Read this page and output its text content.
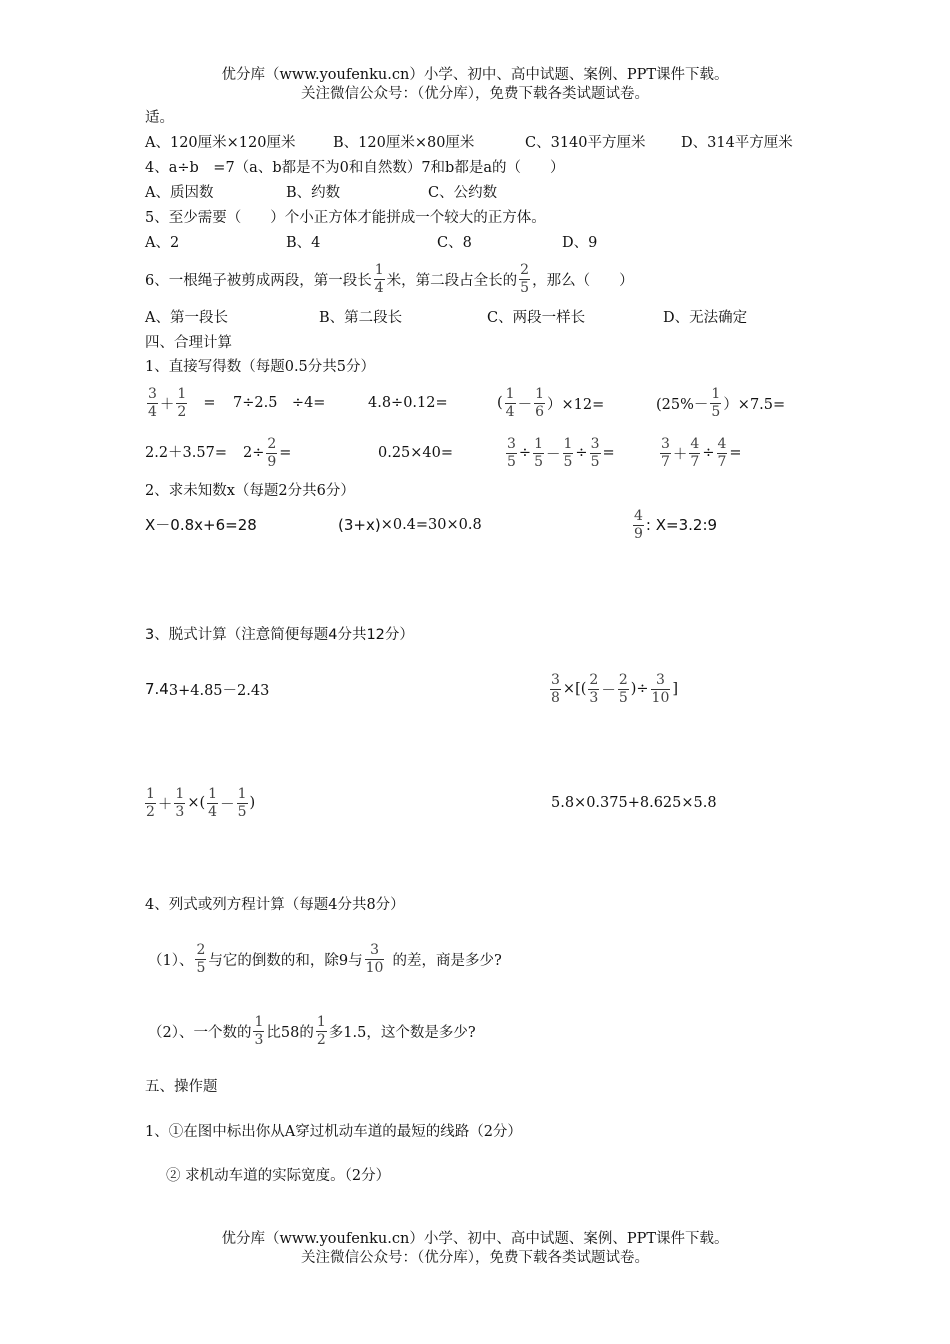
优分库（www.youfenku.cn）小学、初中、高中试题、案例、PPT课件下载。
关注微信公众号：（优分库），免费下载各类试题试卷。
适。
A、120厘米×120厘米	B、120厘米×80厘米	C、3140平方厘米 D、314平方厘米
4、a÷b　=7（a、b都是不为0和自然数）7和b都是a的（　　）
A、质因数	B、约数	C、公约数
5、至少需要（　　）个小正方体才能拼成一个较大的正方体。
A、2	B、4	C、8	D、9
6、一根绳子被剪成两段，第一段长 $\frac{1}{4}$ 米，第二段占全长的 $\frac{2}{5}$ ，那么（　　）
A、第一段长	B、第二段长	C、两段一样长	D、无法确定
四、合理计算
1、直接写得数（每题0.5分共5分）
$\frac{3}{4} + \frac{1}{2} = 7\div 2.5$　÷4=	4.8÷0.12=	( $\frac{1}{4} - \frac{1}{6} )\times 12=$	$(25\%- \frac{1}{5} )\times 7.5=$
$2.2+3.57= 2\div \frac{2}{9}$ =	0.25×40=	$\frac{3}{5} \div \frac{1}{5} - \frac{1}{5} \div \frac{3}{5}$ =	$\frac{3}{7} + \frac{4}{7} \div \frac{4}{7}$ =
2、求未知数x（每题2分共6分）
X－0.8x+6=28	(3+x) ×0.4=30×0.8	$\frac{4}{9}$ : X=3.2:9
3、脱式计算（注意简便每题4分共12分）
7.4 3+4.85－2.43	$\frac{3}{8}$ ×[( $\frac{2}{3} - \frac{2}{5}$ )÷ $\frac{3}{10}$ ]
$\frac{1}{2} + \frac{1}{3}$ ×( $\frac{1}{4} - \frac{1}{5}$ )	5.8×0.375+8.625×5.8
4、列式或列方程计算（每题4分共8分）
（1）、 $\frac{2}{5}$ 与它的倒数的和，除9与 $\frac{3}{10}$ 的差，商是多少?
（2）、一个数的 $\frac{1}{3}$ 比58的 $\frac{1}{2}$ 多1.5，这个数是多少?
五、操作题
1、①在图中标出你从A穿过机动车道的最短的线路（2分）
② 求机动车道的实际宽度。（2分）
优分库（www.youfenku.cn）小学、初中、高中试题、案例、PPT课件下载。
关注微信公众号：（优分库），免费下载各类试题试卷。
